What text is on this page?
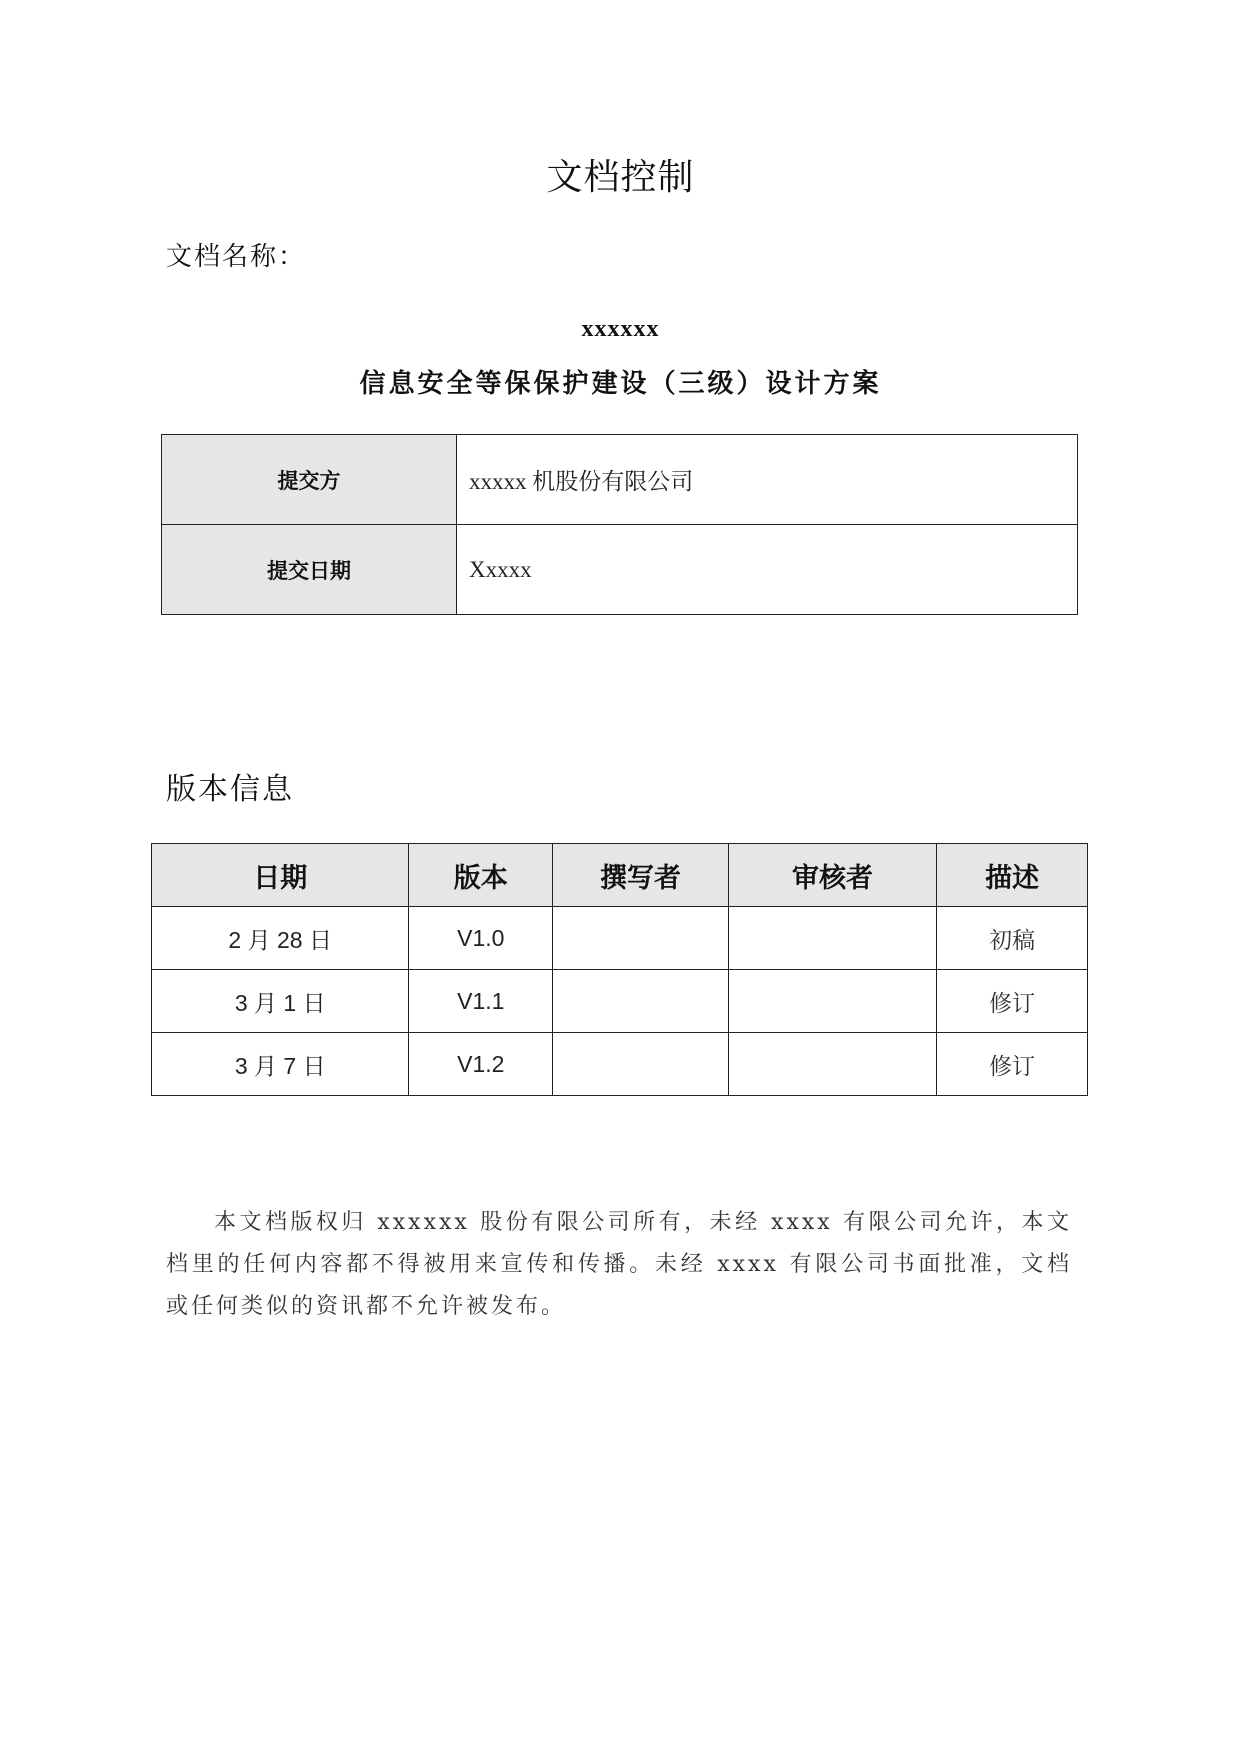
文档控制
文档名称：
xxxxxx
信息安全等保保护建设（三级）设计方案
提交方	xxxxx 机股份有限公司
提交日期	Xxxxx
版本信息
日期	版本	撰写者	审核者	描述
2 月 28 日	V1.0			初稿
3 月 1 日	V1.1			修订
3 月 7 日	V1.2			修订

本文档版权归 xxxxxx 股份有限公司所有，未经 xxxx 有限公司允许，本文档里的任何内容都不得被用来宣传和传播。未经 xxxx 有限公司书面批准，文档或任何类似的资讯都不允许被发布。
